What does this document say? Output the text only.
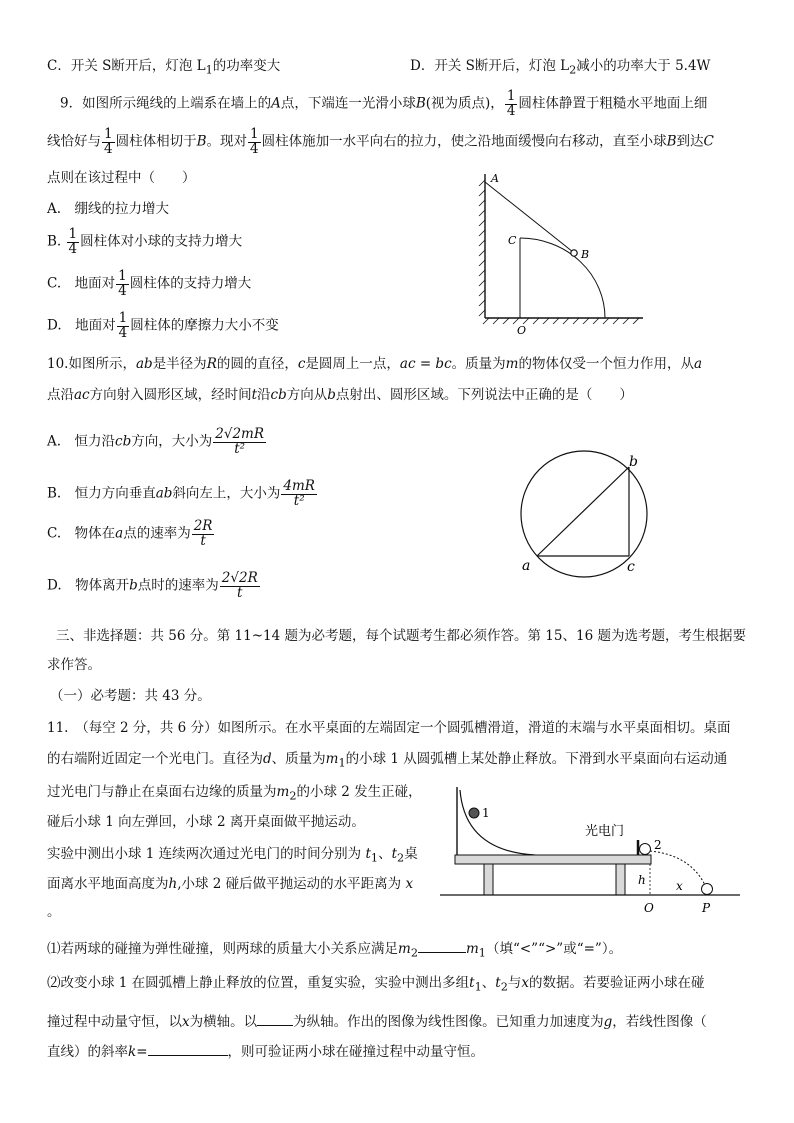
C．开关 S断开后，灯泡 $L_1$的功率变大	D．开关 S断开后，灯泡 $L_2$减小的功率大于 5.4W
9．如图所示绳线的上端系在墙上的A点，下端连一光滑小球B(视为质点)， $\frac{1}{4}$ 圆柱体静置于粗糙水平地面上细
线恰好与 $\frac{1}{4}$ 圆柱体相切于B。现对 $\frac{1}{4}$ 圆柱体施加一水平向右的拉力，使之沿地面缓慢向右移动，直至小球B到达C
点则在该过程中（　　）
A.　绷线的拉力增大
B. $\frac{1}{4}$ 圆柱体对小球的支持力增大
C.　地面对 $\frac{1}{4}$ 圆柱体的支持力增大
D.　地面对 $\frac{1}{4}$ 圆柱体的摩擦力大小不变
A
C
B
O
10.如图所示，ab是半径为R的圆的直径，c是圆周上一点，ac = bc。质量为m的物体仅受一个恒力作用，从a
点沿ac方向射入圆形区域，经时间t沿cb方向从b点射出、圆形区域。下列说法中正确的是（　　）
A.　恒力沿cb方向，大小为 $\frac{2√2mR}{\text{t²}}$
B.　恒力方向垂直ab斜向左上，大小为 $\frac{4mR}{\text{t²}}$
C.　物体在a点的速率为 $\frac{2R}{t}$
D.　物体离开b点时的速率为 $\frac{2√2R}{t}$
a
b
c
三、非选择题：共 56 分。第 11~14 题为必考题，每个试题考生都必须作答。第 15、16 题为选考题，考生根据要
求作答。
（一）必考题：共 43 分。
11.　（每空 2 分，共 6 分）如图所示。在水平桌面的左端固定一个圆弧槽滑道，滑道的末端与水平桌面相切。桌面
的右端附近固定一个光电门。直径为d、质量为$m_1$的小球 1 从圆弧槽上某处静止释放。下滑到水平桌面向右运动通
过光电门与静止在桌面右边缘的质量为$m_2$的小球 2 发生正碰，
碰后小球 1 向左弹回，小球 2 离开桌面做平抛运动。
实验中测出小球 1 连续两次通过光电门的时间分别为 $t_1$、$t_2$桌
面离水平地面高度为h,小球 2 碰后做平抛运动的水平距离为 x
。
1
光电门
2
h	x
O	P
⑴若两球的碰撞为弹性碰撞，则两球的质量大小关系应满足$m_2$	$m_1$（填“<”“>”或“=”）。
⑵改变小球 1 在圆弧槽上静止释放的位置，重复实验，实验中测出多组$t_1$、$t_2$与x的数据。若要验证两小球在碰
撞过程中动量守恒，以x为横轴。以	为纵轴。作出的图像为线性图像。已知重力加速度为g，若线性图像（
直线）的斜率k=	，则可验证两小球在碰撞过程中动量守恒。
